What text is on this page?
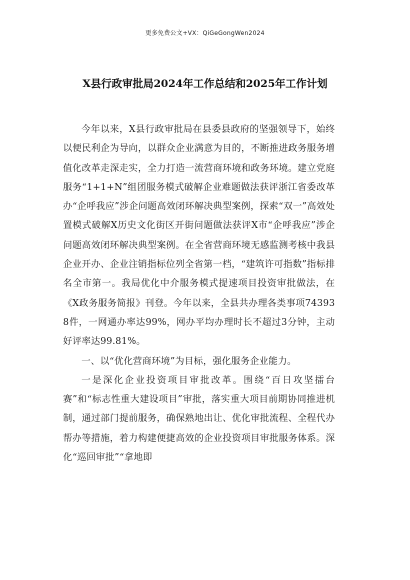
更多免费公文+VX：QiGeGongWen2024
X县行政审批局2024年工作总结和2025年工作计划

今年以来，X县行政审批局在县委县政府的坚强领导下，始终以便民利企为导向，以群众企业满意为目的，不断推进政务服务增值化改革走深走实，全力打造一流营商环境和政务环境。建立党庭服务“1+1+N”组团服务模式破解企业难题做法获评浙江省委改革办“企呼我应”涉企问题高效闭环解决典型案例，探索“双一”高效处置模式破解X历史文化街区开街问题做法获评X市“企呼我应”涉企问题高效闭环解决典型案例。在全省营商环境无感监测考核中我县企业开办、企业注销指标位列全省第一档，“建筑许可指数”指标排名全市第一。我局优化中介服务模式提速项目投资审批做法，在《X政务服务简报》刊登。今年以来，全县共办理各类事项743938件，一网通办率达99%，网办平均办理时长不超过3分钟，主动好评率达99.81%。

一、以“优化营商环境”为目标，强化服务企业能力。

一是深化企业投资项目审批改革。围绕“百日攻坚擂台赛”和“标志性重大建设项目”审批，落实重大项目前期协同推进机制，通过部门提前服务，确保熟地出让、优化审批流程、全程代办帮办等措施，着力构建便捷高效的企业投资项目审批服务体系。深化“巡回审批”“拿地即
